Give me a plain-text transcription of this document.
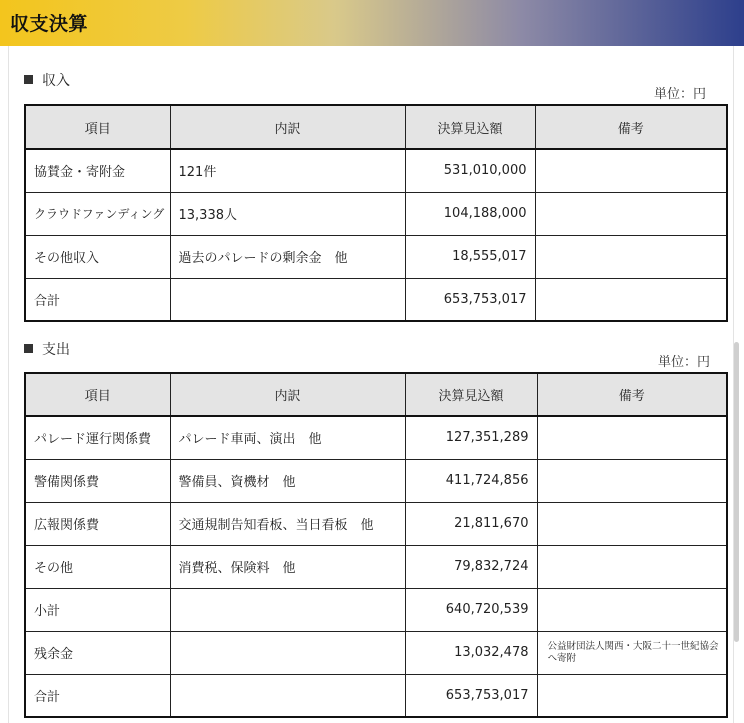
収支決算
収入
単位：円
項目	内訳	決算見込額	備考
協賛金・寄附金	121件	531,010,000	
クラウドファンディング	13,338人	104,188,000	
その他収入	過去のパレードの剰余金　他	18,555,017	
合計		653,753,017	
支出
単位：円
項目	内訳	決算見込額	備考
パレード運行関係費	パレード車両、演出　他	127,351,289	
警備関係費	警備員、資機材　他	411,724,856	
広報関係費	交通規制告知看板、当日看板　他	21,811,670	
その他	消費税、保険料　他	79,832,724	
小計		640,720,539	
残余金		13,032,478	公益財団法人関西・大阪二十一世紀協会へ寄附
合計		653,753,017	
